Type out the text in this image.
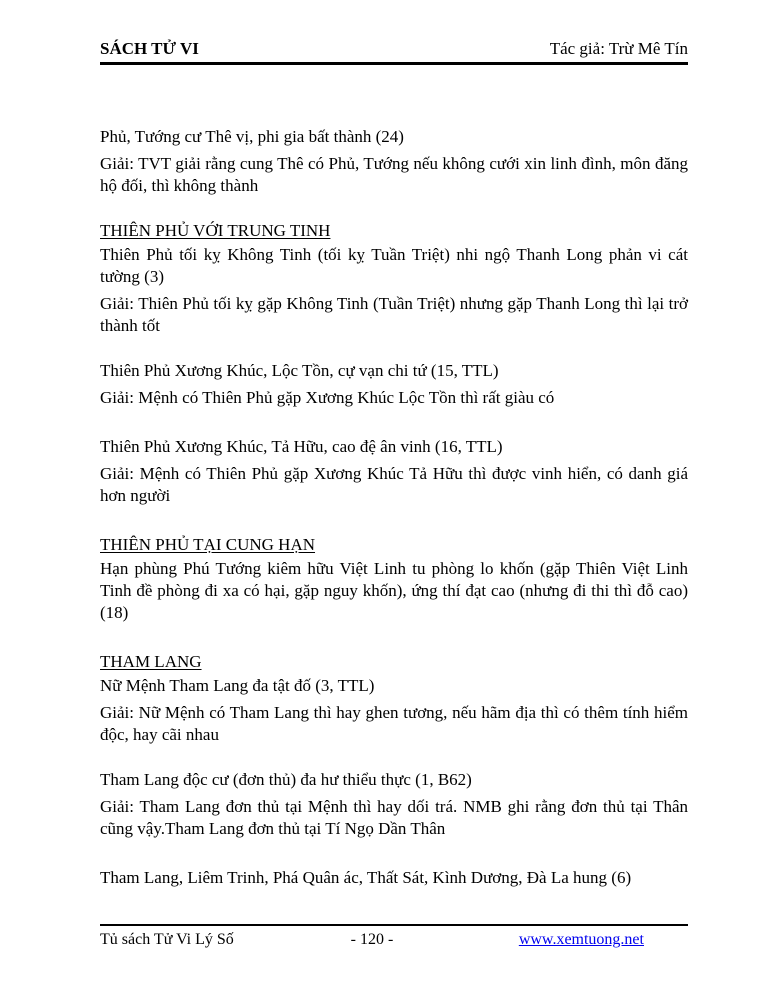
SÁCH TỬ VI	Tác giả: Trừ Mê Tín

Phủ, Tướng cư Thê vị, phi gia bất thành (24)

Giải: TVT giải rằng cung Thê có Phủ, Tướng nếu không cưới xin linh đình, môn đăng hộ đối, thì không thành

THIÊN PHỦ VỚI TRUNG TINH

Thiên Phủ tối kỵ Không Tinh (tối kỵ Tuần Triệt) nhi ngộ Thanh Long phản vi cát tường (3)

Giải: Thiên Phủ tối kỵ gặp Không Tinh (Tuần Triệt) nhưng gặp Thanh Long thì lại trở thành tốt

Thiên Phủ Xương Khúc, Lộc Tồn, cự vạn chi tứ (15, TTL)

Giải: Mệnh có Thiên Phủ gặp Xương Khúc Lộc Tồn thì rất giàu có

Thiên Phủ Xương Khúc, Tả Hữu, cao đệ ân vinh (16, TTL)

Giải: Mệnh có Thiên Phủ gặp Xương Khúc Tả Hữu thì được vinh hiển, có danh giá hơn người

THIÊN PHỦ TẠI CUNG HẠN

Hạn phùng Phú Tướng kiêm hữu Việt Linh tu phòng lo khốn (gặp Thiên Việt Linh Tinh đề phòng đi xa có hại, gặp nguy khốn), ứng thí đạt cao (nhưng đi thi thì đỗ cao) (18)

THAM LANG

Nữ Mệnh Tham Lang đa tật đố (3, TTL)

Giải: Nữ Mệnh có Tham Lang thì hay ghen tương, nếu hãm địa thì có thêm tính hiểm độc, hay cãi nhau

Tham Lang độc cư (đơn thủ) đa hư thiểu thực (1, B62)

Giải: Tham Lang đơn thủ tại Mệnh thì hay dối trá. NMB ghi rằng đơn thủ tại Thân cũng vậy.Tham Lang đơn thủ tại Tí Ngọ Dần Thân

Tham Lang, Liêm Trinh, Phá Quân ác, Thất Sát, Kình Dương, Đà La hung (6)

Tủ sách Tử Vi Lý Số	- 120 -	www.xemtuong.net
